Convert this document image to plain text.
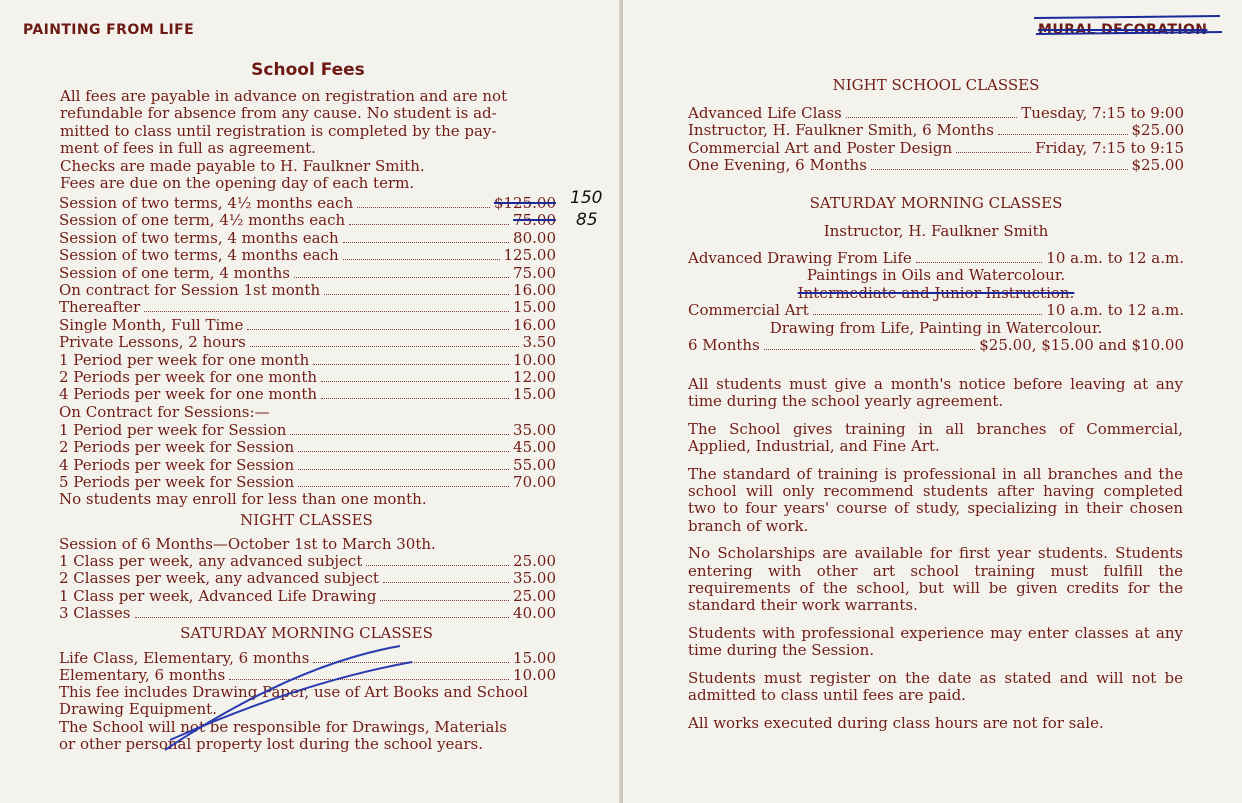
PAINTING FROM LIFE
School Fees
All fees are payable in advance on registration and are not
refundable for absence from any cause. No student is ad-
mitted to class until registration is completed by the pay-
ment of fees in full as agreement.
Checks are made payable to H. Faulkner Smith.
Fees are due on the opening day of each term.
Session of two terms, 4½ months each	$125.00
Session of one term, 4½ months each	75.00
Session of two terms, 4 months each	80.00
Session of two terms, 4 months each	125.00
Session of one term, 4 months	75.00
On contract for Session 1st month	16.00
Thereafter	15.00
Single Month, Full Time	16.00
Private Lessons, 2 hours	3.50
1 Period per week for one month	10.00
2 Periods per week for one month	12.00
4 Periods per week for one month	15.00
On Contract for Sessions:—
1 Period per week for Session	35.00
2 Periods per week for Session	45.00
4 Periods per week for Session	55.00
5 Periods per week for Session	70.00
No students may enroll for less than one month.
NIGHT CLASSES
Session of 6 Months—October 1st to March 30th.
1 Class per week, any advanced subject	25.00
2 Classes per week, any advanced subject	35.00
1 Class per week, Advanced Life Drawing	25.00
3 Classes	40.00
SATURDAY MORNING CLASSES
Life Class, Elementary, 6 months	15.00
Elementary, 6 months	10.00
This fee includes Drawing Paper, use of Art Books and School
Drawing Equipment.
The School will not be responsible for Drawings, Materials
or other personal property lost during the school years.
150
85
MURAL DECORATION
NIGHT SCHOOL CLASSES
Advanced Life Class	Tuesday, 7:15 to 9:00
Instructor, H. Faulkner Smith, 6 Months	$25.00
Commercial Art and Poster Design	Friday, 7:15 to 9:15
One Evening, 6 Months	$25.00
SATURDAY MORNING CLASSES
Instructor, H. Faulkner Smith
Advanced Drawing From Life	10 a.m. to 12 a.m.
Paintings in Oils and Watercolour.
Intermediate and Junior Instruction.
Commercial Art	10 a.m. to 12 a.m.
Drawing from Life, Painting in Watercolour.
6 Months	$25.00, $15.00 and $10.00

All students must give a month's notice before leaving at any time during the school yearly agreement.

The School gives training in all branches of Commercial, Applied, Industrial, and Fine Art.

The standard of training is professional in all branches and the school will only recommend students after having completed two to four years' course of study, specializing in their chosen branch of work.

No Scholarships are available for first year students. Students entering with other art school training must fulfill the requirements of the school, but will be given credits for the standard their work warrants.

Students with professional experience may enter classes at any time during the Session.

Students must register on the date as stated and will not be admitted to class until fees are paid.

All works executed during class hours are not for sale.
